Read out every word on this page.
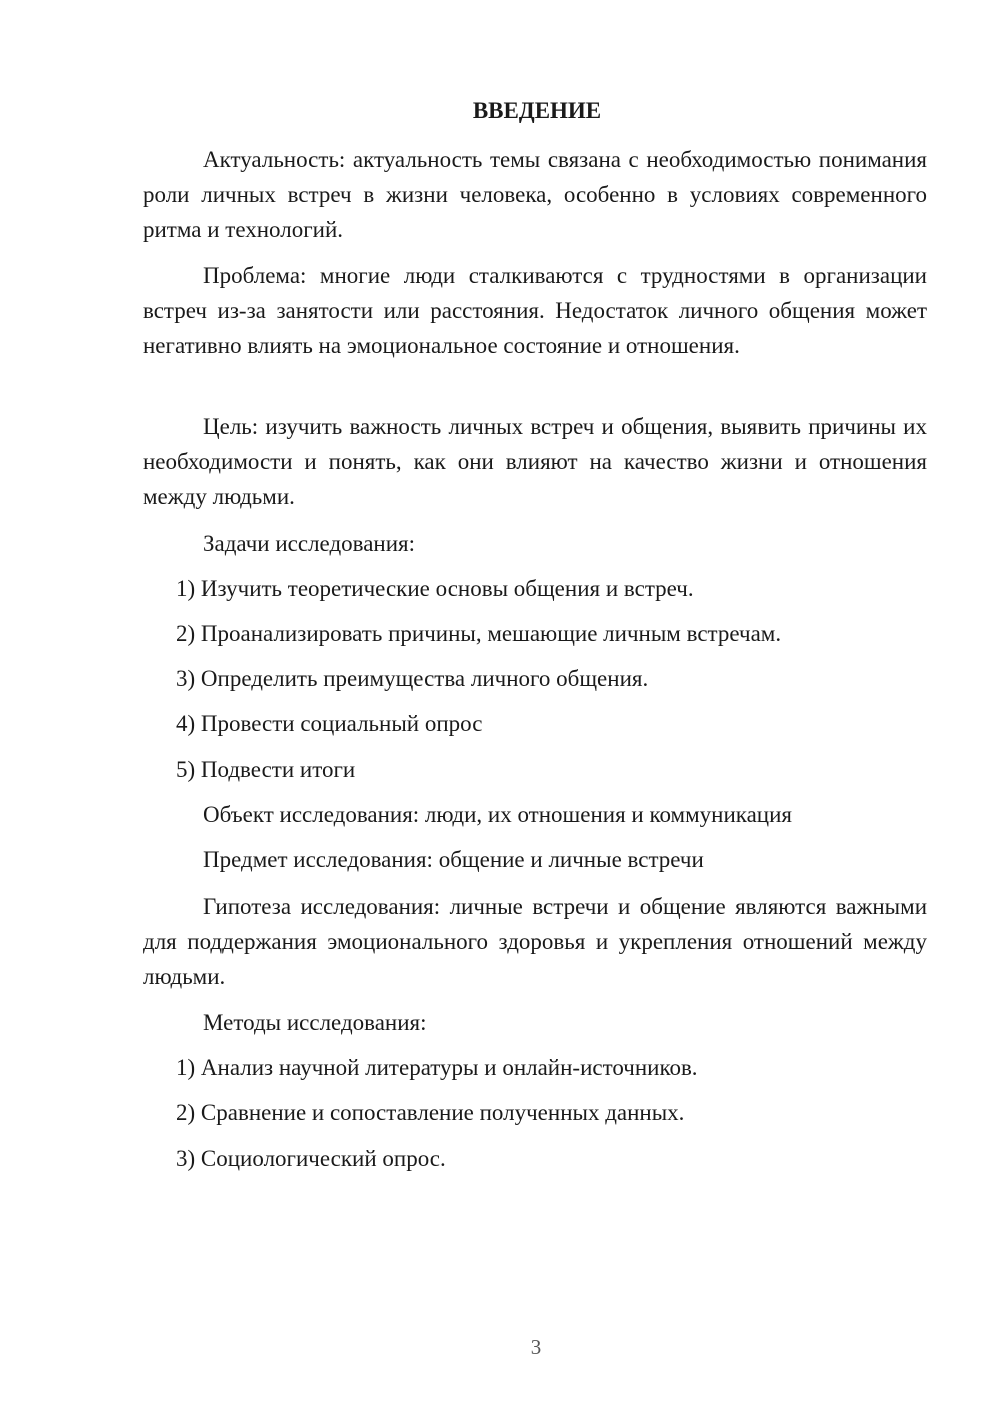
ВВЕДЕНИЕ

Актуальность: актуальность темы связана с необходимостью понимания роли личных встреч в жизни человека, особенно в условиях современного ритма и технологий.

Проблема: многие люди сталкиваются с трудностями в организации встреч из-за занятости или расстояния. Недостаток личного общения может негативно влиять на эмоциональное состояние и отношения.

Цель: изучить важность личных встреч и общения, выявить причины их необходимости и понять, как они влияют на качество жизни и отношения между людьми.

Задачи исследования:

1) Изучить теоретические основы общения и встреч.

2) Проанализировать причины, мешающие личным встречам.

3) Определить преимущества личного общения.

4) Провести социальный опрос

5) Подвести итоги

Объект исследования: люди, их отношения и коммуникация

Предмет исследования: общение и личные встречи

Гипотеза исследования: личные встречи и общение являются важными для поддержания эмоционального здоровья и укрепления отношений между людьми.

Методы исследования:

1) Анализ научной литературы и онлайн-источников.

2) Сравнение и сопоставление полученных данных.

3) Социологический опрос.

3
